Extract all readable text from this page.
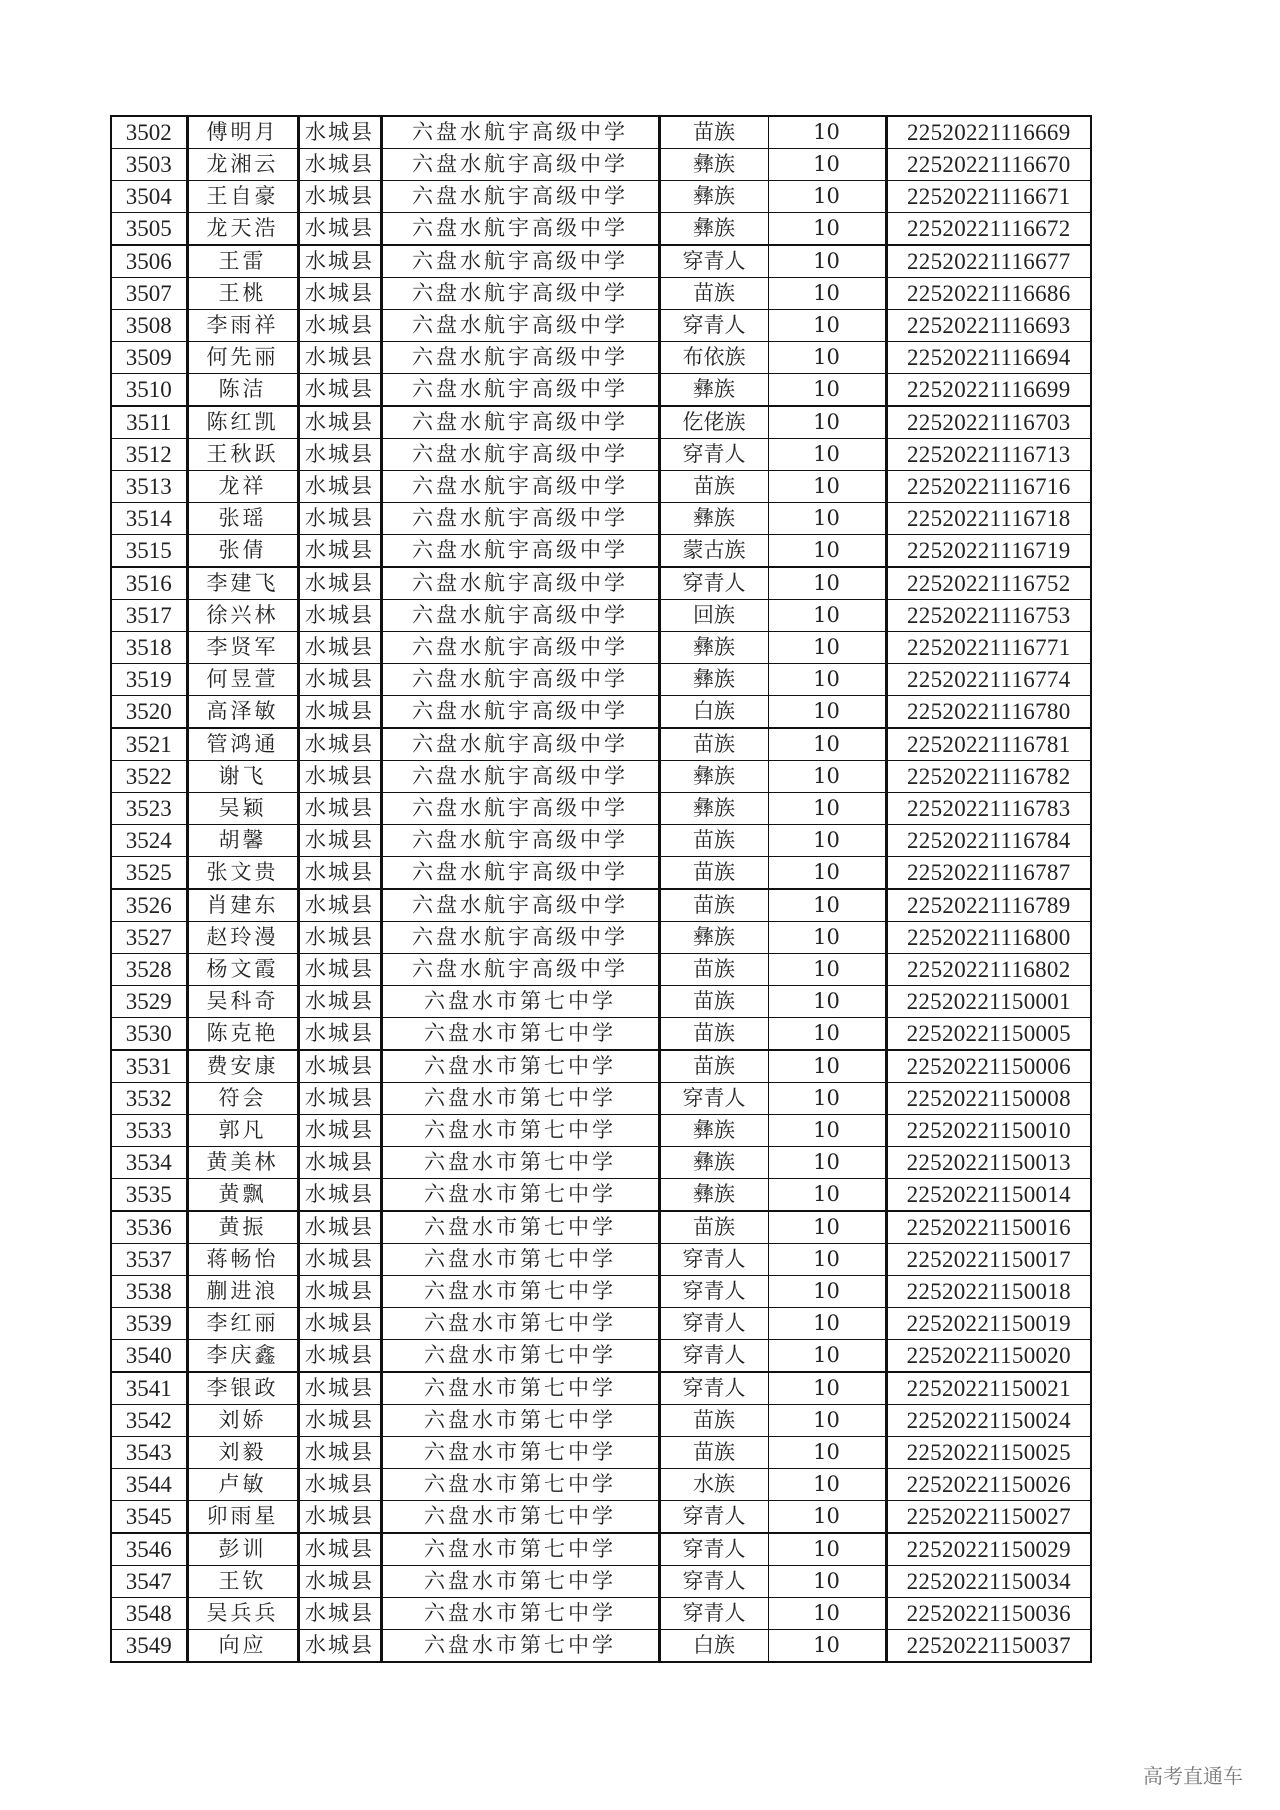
3502	傅明月	水城县	六盘水航宇高级中学	苗族	10	22520221116669
3503	龙湘云	水城县	六盘水航宇高级中学	彝族	10	22520221116670
3504	王自豪	水城县	六盘水航宇高级中学	彝族	10	22520221116671
3505	龙天浩	水城县	六盘水航宇高级中学	彝族	10	22520221116672
3506	王雷	水城县	六盘水航宇高级中学	穿青人	10	22520221116677
3507	王桃	水城县	六盘水航宇高级中学	苗族	10	22520221116686
3508	李雨祥	水城县	六盘水航宇高级中学	穿青人	10	22520221116693
3509	何先丽	水城县	六盘水航宇高级中学	布依族	10	22520221116694
3510	陈洁	水城县	六盘水航宇高级中学	彝族	10	22520221116699
3511	陈红凯	水城县	六盘水航宇高级中学	仡佬族	10	22520221116703
3512	王秋跃	水城县	六盘水航宇高级中学	穿青人	10	22520221116713
3513	龙祥	水城县	六盘水航宇高级中学	苗族	10	22520221116716
3514	张瑶	水城县	六盘水航宇高级中学	彝族	10	22520221116718
3515	张倩	水城县	六盘水航宇高级中学	蒙古族	10	22520221116719
3516	李建飞	水城县	六盘水航宇高级中学	穿青人	10	22520221116752
3517	徐兴林	水城县	六盘水航宇高级中学	回族	10	22520221116753
3518	李贤军	水城县	六盘水航宇高级中学	彝族	10	22520221116771
3519	何昱萱	水城县	六盘水航宇高级中学	彝族	10	22520221116774
3520	高泽敏	水城县	六盘水航宇高级中学	白族	10	22520221116780
3521	管鸿通	水城县	六盘水航宇高级中学	苗族	10	22520221116781
3522	谢飞	水城县	六盘水航宇高级中学	彝族	10	22520221116782
3523	吴颖	水城县	六盘水航宇高级中学	彝族	10	22520221116783
3524	胡馨	水城县	六盘水航宇高级中学	苗族	10	22520221116784
3525	张文贵	水城县	六盘水航宇高级中学	苗族	10	22520221116787
3526	肖建东	水城县	六盘水航宇高级中学	苗族	10	22520221116789
3527	赵玲漫	水城县	六盘水航宇高级中学	彝族	10	22520221116800
3528	杨文霞	水城县	六盘水航宇高级中学	苗族	10	22520221116802
3529	吴科奇	水城县	六盘水市第七中学	苗族	10	22520221150001
3530	陈克艳	水城县	六盘水市第七中学	苗族	10	22520221150005
3531	费安康	水城县	六盘水市第七中学	苗族	10	22520221150006
3532	符会	水城县	六盘水市第七中学	穿青人	10	22520221150008
3533	郭凡	水城县	六盘水市第七中学	彝族	10	22520221150010
3534	黄美林	水城县	六盘水市第七中学	彝族	10	22520221150013
3535	黄飘	水城县	六盘水市第七中学	彝族	10	22520221150014
3536	黄振	水城县	六盘水市第七中学	苗族	10	22520221150016
3537	蒋畅怡	水城县	六盘水市第七中学	穿青人	10	22520221150017
3538	蒯进浪	水城县	六盘水市第七中学	穿青人	10	22520221150018
3539	李红丽	水城县	六盘水市第七中学	穿青人	10	22520221150019
3540	李庆鑫	水城县	六盘水市第七中学	穿青人	10	22520221150020
3541	李银政	水城县	六盘水市第七中学	穿青人	10	22520221150021
3542	刘娇	水城县	六盘水市第七中学	苗族	10	22520221150024
3543	刘毅	水城县	六盘水市第七中学	苗族	10	22520221150025
3544	卢敏	水城县	六盘水市第七中学	水族	10	22520221150026
3545	卯雨星	水城县	六盘水市第七中学	穿青人	10	22520221150027
3546	彭训	水城县	六盘水市第七中学	穿青人	10	22520221150029
3547	王钦	水城县	六盘水市第七中学	穿青人	10	22520221150034
3548	吴兵兵	水城县	六盘水市第七中学	穿青人	10	22520221150036
3549	向应	水城县	六盘水市第七中学	白族	10	22520221150037
高考直通车
